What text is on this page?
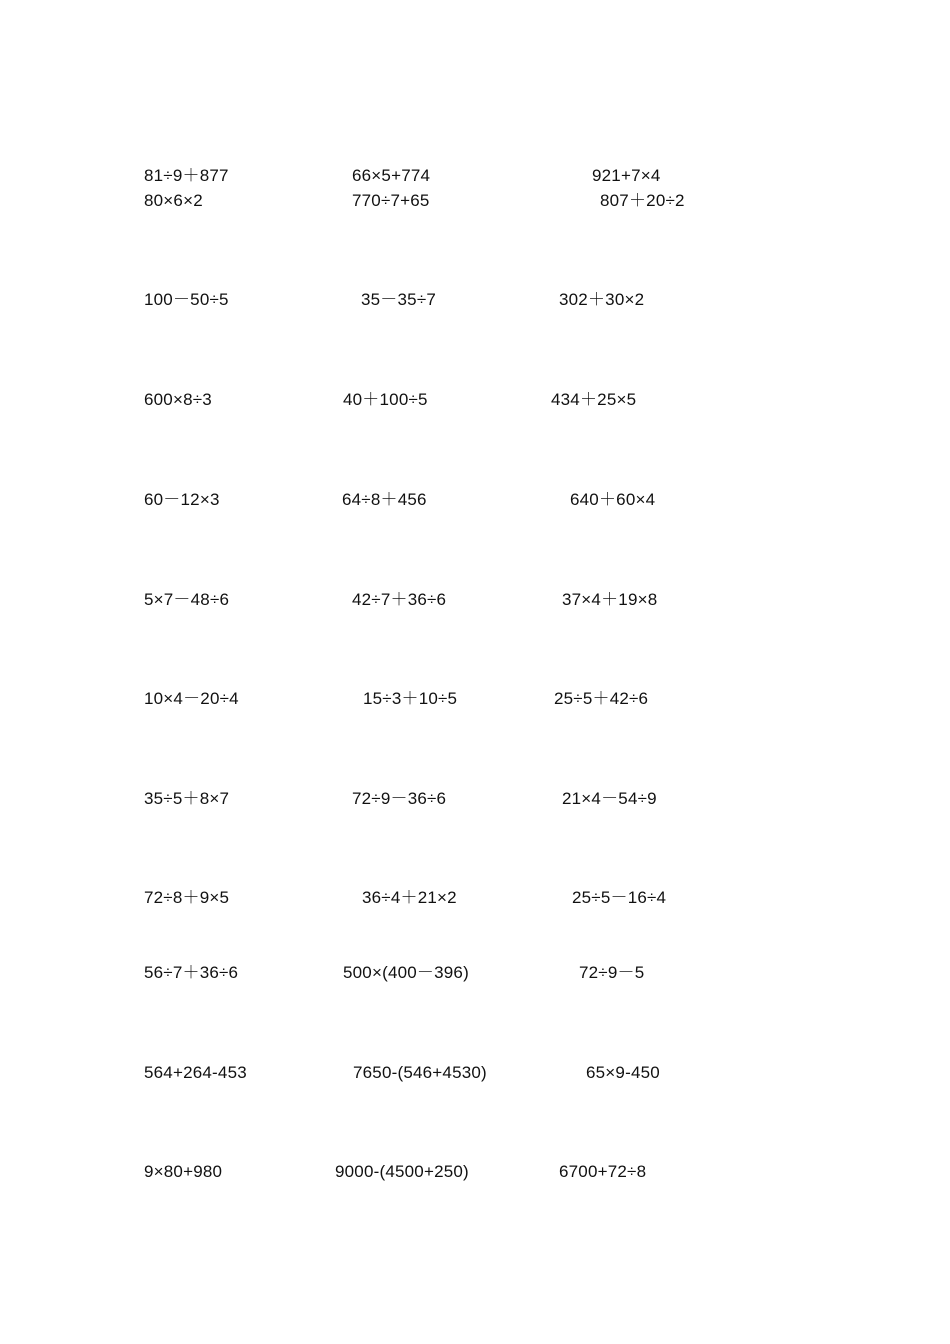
81÷9＋877	66×5+774	921+7×4
80×6×2	770÷7+65	807＋20÷2
100－50÷5	35－35÷7	302＋30×2
600×8÷3	40＋100÷5	434＋25×5
60－12×3	64÷8＋456	640＋60×4
5×7－48÷6	42÷7＋36÷6	37×4＋19×8
10×4－20÷4	15÷3＋10÷5	25÷5＋42÷6
35÷5＋8×7	72÷9－36÷6	21×4－54÷9
72÷8＋9×5	36÷4＋21×2	25÷5－16÷4
56÷7＋36÷6	500×(400－396)	72÷9－5
564+264-453	7650-(546+4530)	65×9-450
9×80+980	9000-(4500+250)	6700+72÷8
